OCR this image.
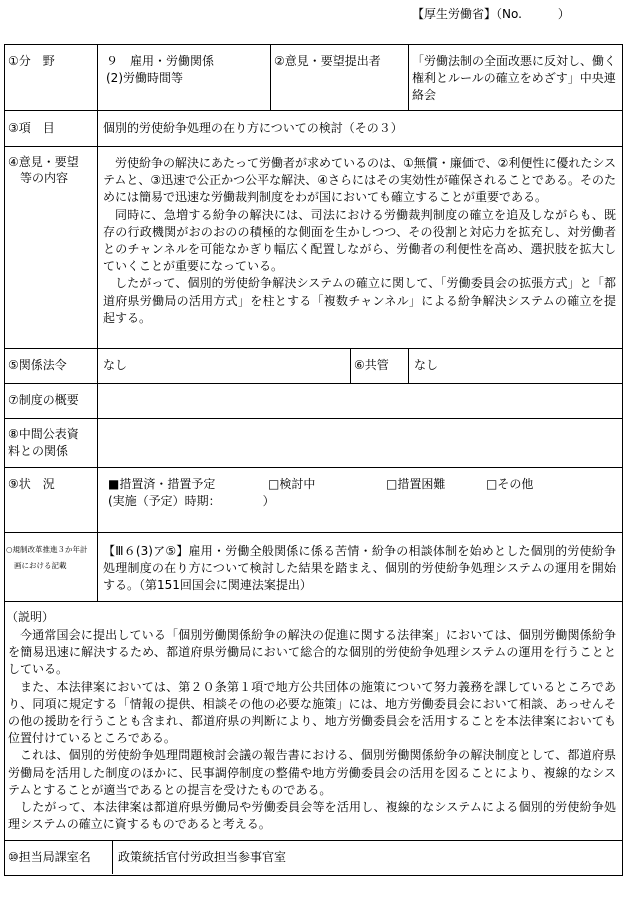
【厚生労働省】（No.　　　）
①分　野	９　雇用・労働関係
(2)労働時間等
②意見・要望提出者	「労働法制の全面改悪に反対し、働く権利とルールの確立をめざす」中央連絡会
③項　目	個別的労使紛争処理の在り方についての検討（その３）
④意見・要望
等の内容

労使紛争の解決にあたって労働者が求めているのは、①無償・廉価で、②利便性に優れたシステムと、③迅速で公正かつ公平な解決、④さらにはその実効性が確保されることである。そのためには簡易で迅速な労働裁判制度をわが国においても確立することが重要である。

同時に、急増する紛争の解決には、司法における労働裁判制度の確立を追及しながらも、既存の行政機関がおのおのの積極的な側面を生かしつつ、その役割と対応力を拡充し、対労働者とのチャンネルを可能なかぎり幅広く配置しながら、労働者の利便性を高め、選択肢を拡大していくことが重要になっている。

したがって、個別的労使紛争解決システムの確立に関して、「労働委員会の拡張方式」と「都道府県労働局の活用方式」を柱とする「複数チャンネル」による紛争解決システムの確立を提起する。

⑤関係法令	なし	⑥共管 なし
⑦制度の概要
⑧中間公表資
料との関係
⑨状　況	■措置済・措置予定	□検討中	□措置困難	□その他
(実施（予定）時期：　　　　）
○規制改革推進３か年計
画における記載
【Ⅲ６(3)ア⑤】雇用・労働全般関係に係る苦情・紛争の相談体制を始めとした個別的労使紛争処理制度の在り方について検討した結果を踏まえ、個別的労使紛争処理システムの運用を開始する。（第151回国会に関連法案提出）
（説明）

今通常国会に提出している「個別労働関係紛争の解決の促進に関する法律案」においては、個別労働関係紛争を簡易迅速に解決するため、都道府県労働局において総合的な個別的労使紛争処理システムの運用を行うこととしている。

また、本法律案においては、第２０条第１項で地方公共団体の施策について努力義務を課しているところであり、同項に規定する「情報の提供、相談その他の必要な施策」には、地方労働委員会において相談、あっせんその他の援助を行うことも含まれ、都道府県の判断により、地方労働委員会を活用することを本法律案においても位置付けているところである。

これは、個別的労使紛争処理問題検討会議の報告書における、個別労働関係紛争の解決制度として、都道府県労働局を活用した制度のほかに、民事調停制度の整備や地方労働委員会の活用を図ることにより、複線的なシステムとすることが適当であるとの提言を受けたものである。

したがって、本法律案は都道府県労働局や労働委員会等を活用し、複線的なシステムによる個別的労使紛争処理システムの確立に資するものであると考える。

⑩担当局課室名 政策統括官付労政担当参事官室
